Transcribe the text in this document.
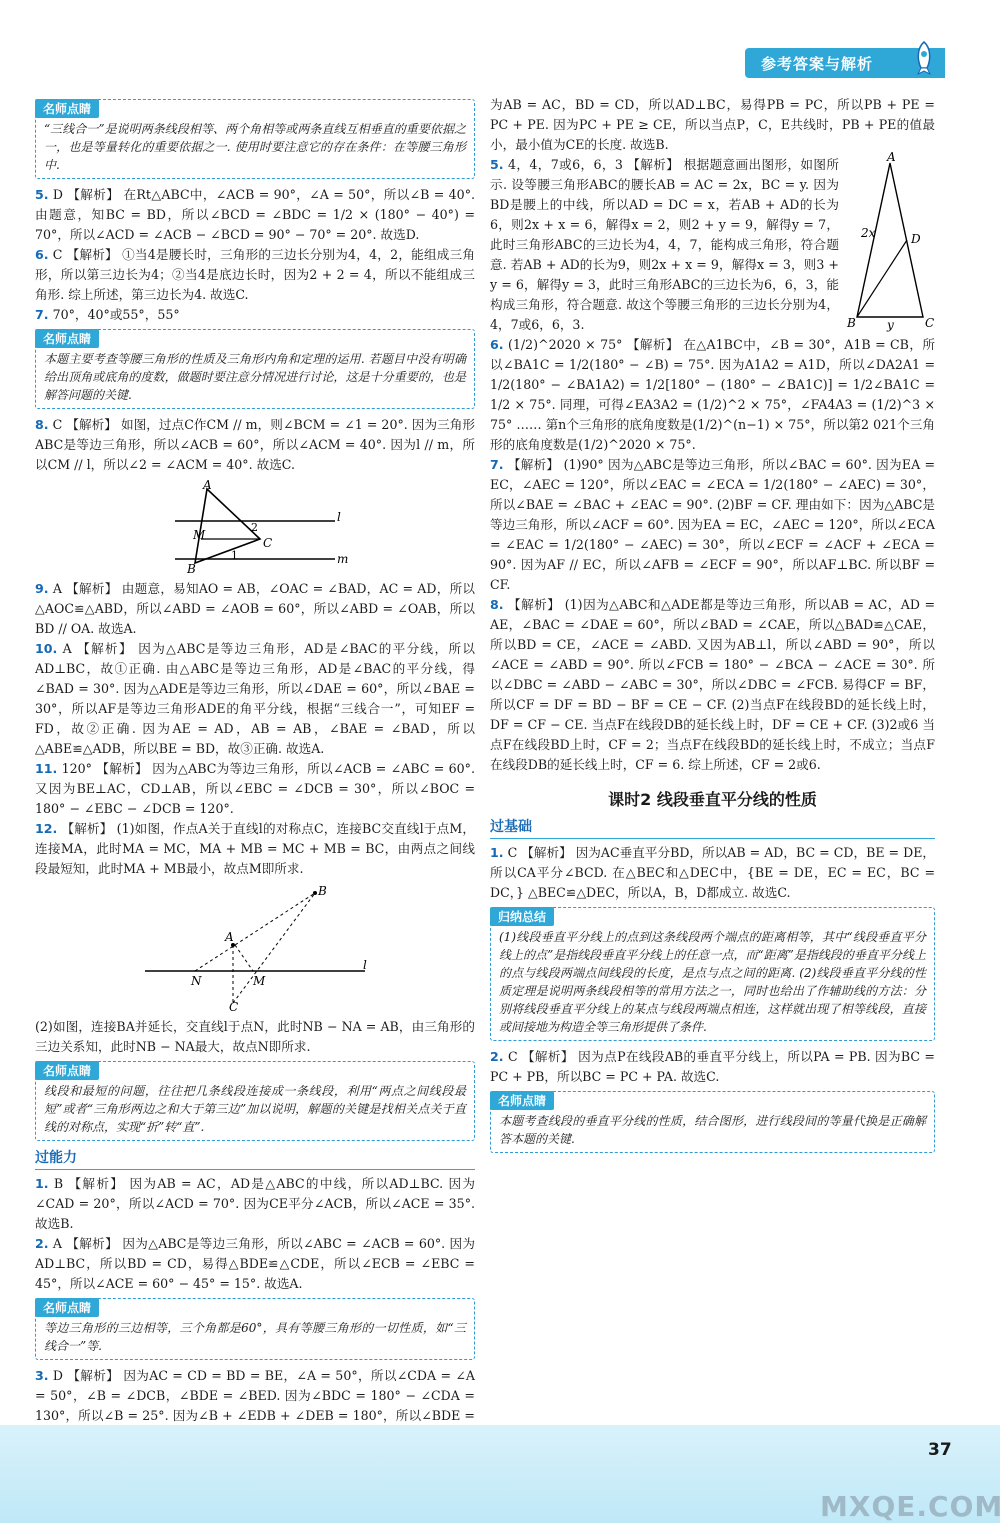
参考答案与解析
名师点睛

“三线合一”是说明两条线段相等、两个角相等或两条直线互相垂直的重要依据之一，也是等量转化的重要依据之一. 使用时要注意它的存在条件：在等腰三角形中.

5. D 【解析】 在Rt△ABC中，∠ACB = 90°，∠A = 50°，所以∠B = 40°. 由题意，知BC = BD，所以∠BCD = ∠BDC = 1/2 × (180° − 40°) = 70°，所以∠ACD = ∠ACB − ∠BCD = 90° − 70° = 20°. 故选D.

6. C 【解析】 ①当4是腰长时，三角形的三边长分别为4，4，2，能组成三角形，所以第三边长为4；②当4是底边长时，因为2 + 2 = 4，所以不能组成三角形. 综上所述，第三边长为4. 故选C.

7. 70°，40°或55°，55°

名师点睛

本题主要考查等腰三角形的性质及三角形内角和定理的运用. 若题目中没有明确给出顶角或底角的度数，做题时要注意分情况进行讨论，这是十分重要的，也是解答问题的关键.

8. C 【解析】 如图，过点C作CM // m，则∠BCM = ∠1 = 20°. 因为三角形ABC是等边三角形，所以∠ACB = 60°，所以∠ACM = 40°. 因为l // m，所以CM // l，所以∠2 = ∠ACM = 40°. 故选C.

A
B
C
M
l
m
1
2

9. A 【解析】 由题意，易知AO = AB，∠OAC = ∠BAD，AC = AD，所以△AOC≌△ABD，所以∠ABD = ∠AOB = 60°，所以∠ABD = ∠OAB，所以BD // OA. 故选A.

10. A 【解析】 因为△ABC是等边三角形，AD是∠BAC的平分线，所以AD⊥BC，故①正确. 由△ABC是等边三角形，AD是∠BAC的平分线，得∠BAD = 30°. 因为△ADE是等边三角形，所以∠DAE = 60°，所以∠BAE = 30°，所以AF是等边三角形ADE的角平分线，根据“三线合一”，可知EF = FD，故②正确. 因为AE = AD，AB = AB，∠BAE = ∠BAD，所以△ABE≌△ADB，所以BE = BD，故③正确. 故选A.

11. 120° 【解析】 因为△ABC为等边三角形，所以∠ACB = ∠ABC = 60°. 又因为BE⊥AC，CD⊥AB，所以∠EBC = ∠DCB = 30°，所以∠BOC = 180° − ∠EBC − ∠DCB = 120°.

12. 【解析】 (1)如图，作点A关于直线l的对称点C，连接BC交直线l于点M，连接MA，此时MA = MC，MA + MB = MC + MB = BC，由两点之间线段最短知，此时MA + MB最小，故点M即所求.

A
B
C
M
N
l

(2)如图，连接BA并延长，交直线l于点N，此时NB − NA = AB，由三角形的三边关系知，此时NB − NA最大，故点N即所求.

名师点睛

线段和最短的问题，往往把几条线段连接成一条线段，利用“两点之间线段最短”或者“三角形两边之和大于第三边”加以说明，解题的关键是找相关点关于直线的对称点，实现“折”转“直”.

过能力

1. B 【解析】 因为AB = AC，AD是△ABC的中线，所以AD⊥BC. 因为∠CAD = 20°，所以∠ACD = 70°. 因为CE平分∠ACB，所以∠ACE = 35°. 故选B.

2. A 【解析】 因为△ABC是等边三角形，所以∠ABC = ∠ACB = 60°. 因为AD⊥BC，所以BD = CD，易得△BDE≌△CDE，所以∠ECB = ∠EBC = 45°，所以∠ACE = 60° − 45° = 15°. 故选A.

名师点睛

等边三角形的三边相等，三个角都是60°，具有等腰三角形的一切性质，如“三线合一”等.

3. D 【解析】 因为AC = CD = BD = BE，∠A = 50°，所以∠CDA = ∠A = 50°，∠B = ∠DCB，∠BDE = ∠BED. 因为∠BDC = 180° − ∠CDA = 130°，所以∠B = 25°. 因为∠B + ∠EDB + ∠DEB = 180°，所以∠BDE =

为AB = AC，BD = CD，所以AD⊥BC，易得PB = PC，所以PB + PE = PC + PE. 因为PC + PE ≥ CE，所以当点P，C，E共线时，PB + PE的值最小，最小值为CE的长度. 故选B.

5. 4，4，7或6，6，3 【解析】 根据题意画出图形，如图所示. 设等腰三角形ABC的腰长AB = AC = 2x，BC = y. 因为BD是腰上的中线，所以AD = DC = x，若AB + AD的长为6，则2x + x = 6，解得x = 2，则2 + y = 9，解得y = 7，此时三角形ABC的三边长为4，4，7，能构成三角形，符合题意. 若AB + AD的长为9，则2x + x = 9，解得x = 3，则3 + y = 6，解得y = 3，此时三角形ABC的三边长为6，6，3，能构成三角形，符合题意. 故这个等腰三角形的三边长分别为4，4，7或6，6，3.

A
B	C
D
2x
y

6. (1/2)^2020 × 75° 【解析】 在△A1BC中，∠B = 30°，A1B = CB，所以∠BA1C = 1/2(180° − ∠B) = 75°. 因为A1A2 = A1D，所以∠DA2A1 = 1/2(180° − ∠BA1A2) = 1/2[180° − (180° − ∠BA1C)] = 1/2∠BA1C = 1/2 × 75°. 同理，可得∠EA3A2 = (1/2)^2 × 75°，∠FA4A3 = (1/2)^3 × 75° …… 第n个三角形的底角度数是(1/2)^(n−1) × 75°，所以第2 021个三角形的底角度数是(1/2)^2020 × 75°.

7. 【解析】 (1)90° 因为△ABC是等边三角形，所以∠BAC = 60°. 因为EA = EC，∠AEC = 120°，所以∠EAC = ∠ECA = 1/2(180° − ∠AEC) = 30°，所以∠BAE = ∠BAC + ∠EAC = 90°. (2)BF = CF. 理由如下：因为△ABC是等边三角形，所以∠ACF = 60°. 因为EA = EC，∠AEC = 120°，所以∠ECA = ∠EAC = 1/2(180° − ∠AEC) = 30°，所以∠ECF = ∠ACF + ∠ECA = 90°. 因为AF // EC，所以∠AFB = ∠ECF = 90°，所以AF⊥BC. 所以BF = CF.

8. 【解析】 (1)因为△ABC和△ADE都是等边三角形，所以AB = AC，AD = AE，∠BAC = ∠DAE = 60°，所以∠BAD = ∠CAE，所以△BAD≌△CAE，所以BD = CE，∠ACE = ∠ABD. 又因为AB⊥l，所以∠ABD = 90°，所以∠ACE = ∠ABD = 90°. 所以∠FCB = 180° − ∠BCA − ∠ACE = 30°. 所以∠DBC = ∠ABD − ∠ABC = 30°，所以∠DBC = ∠FCB. 易得CF = BF，所以CF = DF = BD − BF = CE − CF. (2)当点F在线段BD的延长线上时，DF = CF − CE. 当点F在线段DB的延长线上时，DF = CE + CF. (3)2或6 当点F在线段BD上时，CF = 2；当点F在线段BD的延长线上时，不成立；当点F在线段DB的延长线上时，CF = 6. 综上所述，CF = 2或6.

课时2 线段垂直平分线的性质
过基础

1. C 【解析】 因为AC垂直平分BD，所以AB = AD，BC = CD，BE = DE，所以CA平分∠BCD. 在△BEC和△DEC中，{BE = DE，EC = EC，BC = DC，} △BEC≌△DEC，所以A，B，D都成立. 故选C.

归纳总结

(1)线段垂直平分线上的点到这条线段两个端点的距离相等，其中“线段垂直平分线上的点”是指线段垂直平分线上的任意一点，而“距离”是指线段的垂直平分线上的点与线段两端点间线段的长度，是点与点之间的距离. (2)线段垂直平分线的性质定理是说明两条线段相等的常用方法之一，同时也给出了作辅助线的方法：分别将线段垂直平分线上的某点与线段两端点相连，这样就出现了相等线段，直接或间接地为构造全等三角形提供了条件.

2. C 【解析】 因为点P在线段AB的垂直平分线上，所以PA = PB. 因为BC = PC + PB，所以BC = PC + PA. 故选C.

名师点睛

本题考查线段的垂直平分线的性质，结合图形，进行线段间的等量代换是正确解答本题的关键.

37
MXQE.COM
